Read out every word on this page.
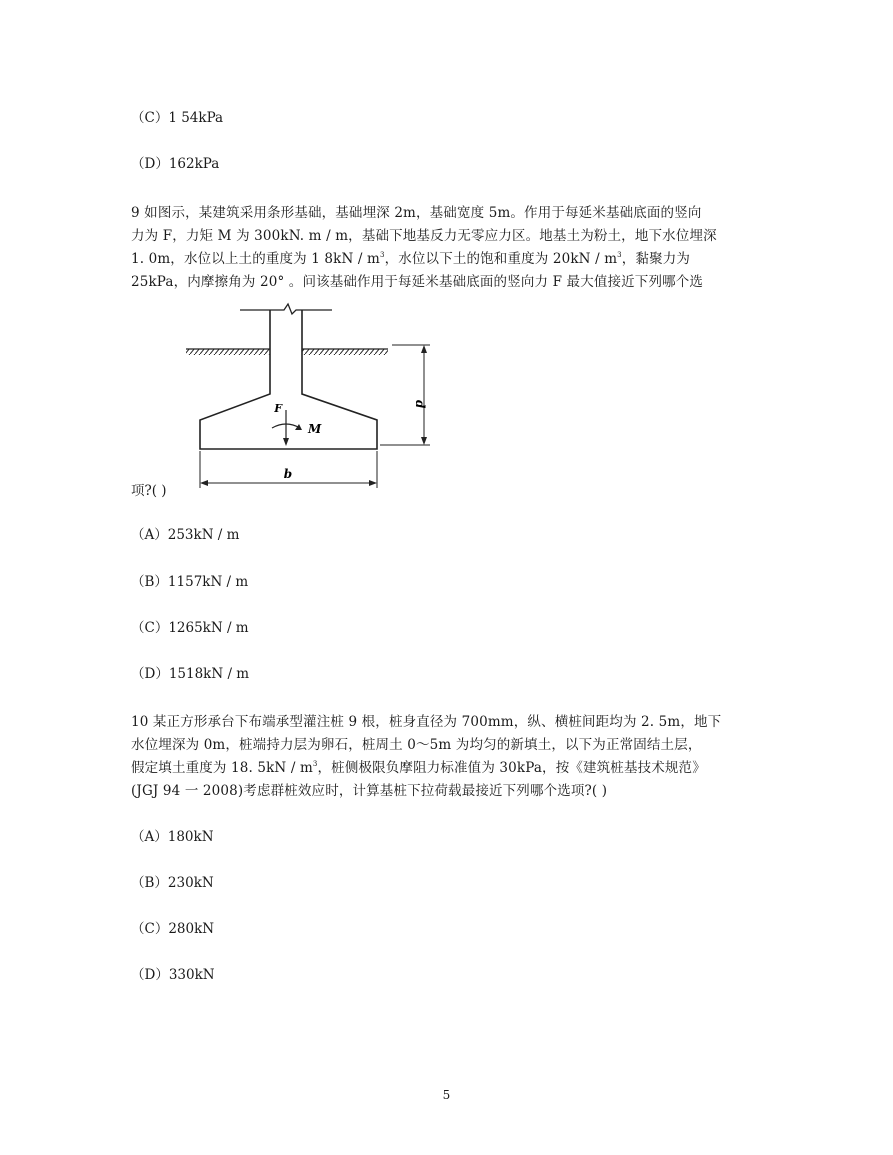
（C）1 54kPa
（D）162kPa
9 如图示，某建筑采用条形基础，基础埋深 2m，基础宽度 5m。作用于每延米基础底面的竖向
力为 F，力矩 M 为 300kN. m / m，基础下地基反力无零应力区。地基土为粉土，地下水位埋深
1. 0m，水位以上土的重度为 1 $8kN / m^3$，水位以下土的饱和重度为 $20kN / m^3$，黏聚力为
25kPa，内摩擦角为 20° 。问该基础作用于每延米基础底面的竖向力 F 最大值接近下列哪个选
F
M
d
b
项?( )
（A）253kN / m
（B）1157kN / m
（C）1265kN / m
（D）1518kN / m
10 某正方形承台下布端承型灌注桩 9 根，桩身直径为 700mm，纵、横桩间距均为 2. 5m，地下
水位埋深为 0m，桩端持力层为卵石，桩周土 0～5m 为均匀的新填土，以下为正常固结土层，
假定填土重度为 18. $5kN / m^3$，桩侧极限负摩阻力标准值为 30kPa，按《建筑桩基技术规范》
(JGJ 94 一 2008)考虑群桩效应时，计算基桩下拉荷载最接近下列哪个选项?( )
（A）180kN
（B）230kN
（C）280kN
（D）330kN
5
